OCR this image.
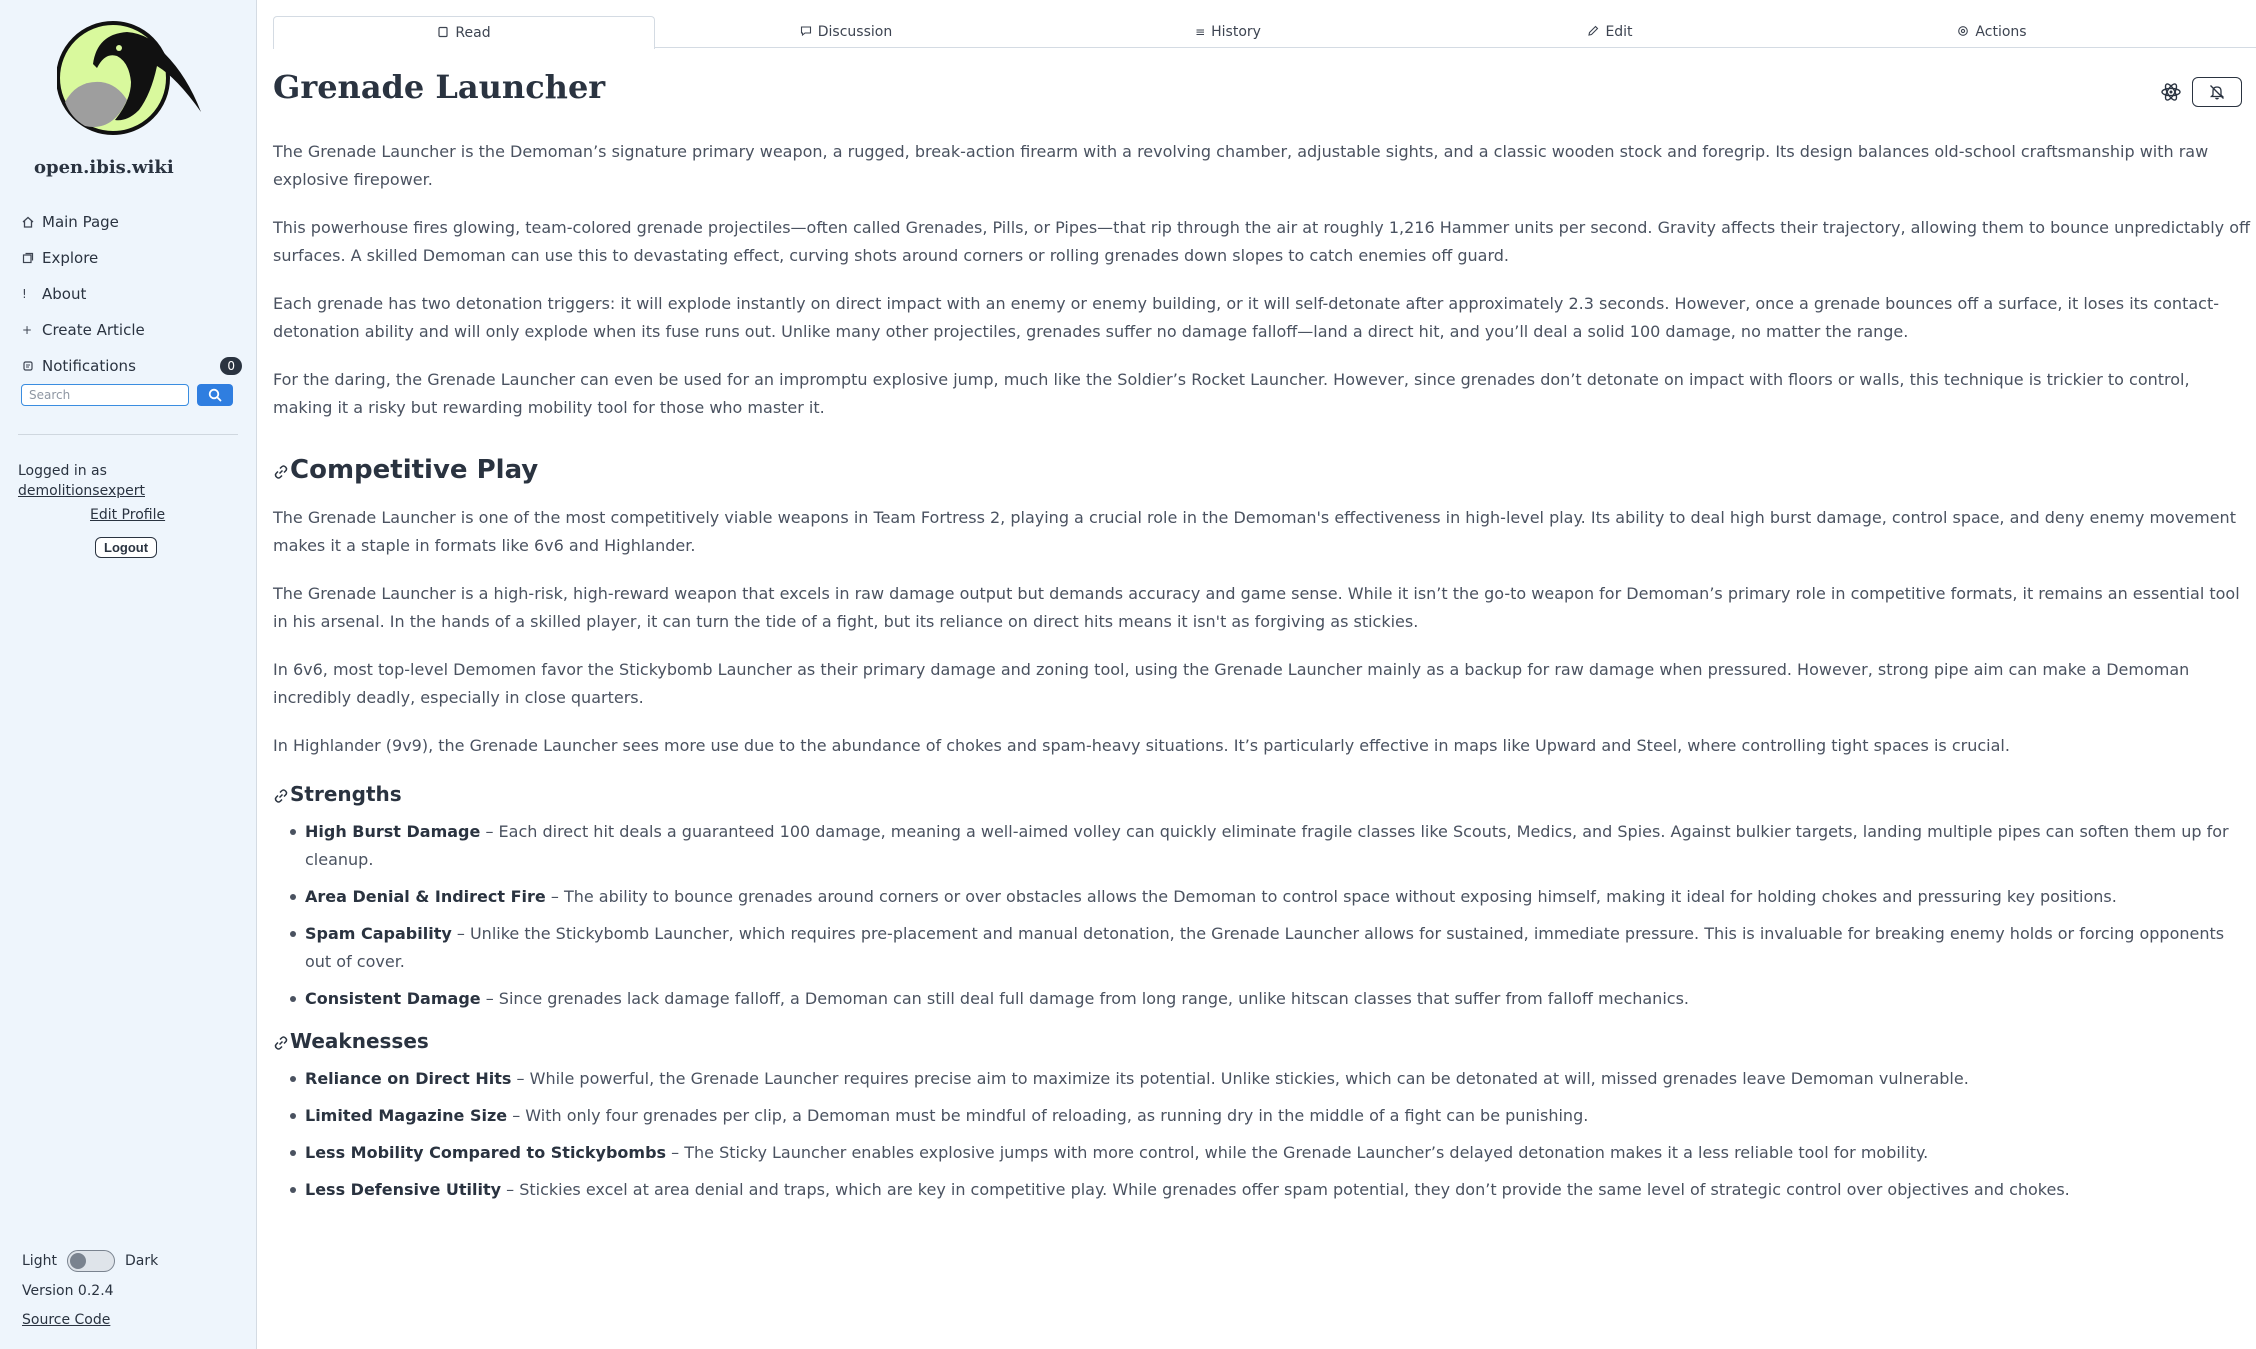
open.ibis.wiki
Main Page
Explore
!	About
+ Create Article
Notifications	0
Search
Logged in as
demolitionsexpert
Edit Profile
Logout
Light	Dark
Version 0.2.4
Source Code
Read	Discussion	≡ History	Edit	Actions
Grenade Launcher

The Grenade Launcher is the Demoman’s signature primary weapon, a rugged, break-action firearm with a revolving chamber, adjustable sights, and a classic wooden stock and foregrip. Its design balances old-school craftsmanship with raw explosive firepower.

This powerhouse fires glowing, team-colored grenade projectiles—often called Grenades, Pills, or Pipes—that rip through the air at roughly 1,216 Hammer units per second. Gravity affects their trajectory, allowing them to bounce unpredictably off surfaces. A skilled Demoman can use this to devastating effect, curving shots around corners or rolling grenades down slopes to catch enemies off guard.

Each grenade has two detonation triggers: it will explode instantly on direct impact with an enemy or enemy building, or it will self-detonate after approximately 2.3 seconds. However, once a grenade bounces off a surface, it loses its contact-detonation ability and will only explode when its fuse runs out. Unlike many other projectiles, grenades suffer no damage falloff—land a direct hit, and you’ll deal a solid 100 damage, no matter the range.

For the daring, the Grenade Launcher can even be used for an impromptu explosive jump, much like the Soldier’s Rocket Launcher. However, since grenades don’t detonate on impact with floors or walls, this technique is trickier to control, making it a risky but rewarding mobility tool for those who master it.

Competitive Play

The Grenade Launcher is one of the most competitively viable weapons in Team Fortress 2, playing a crucial role in the Demoman's effectiveness in high-level play. Its ability to deal high burst damage, control space, and deny enemy movement makes it a staple in formats like 6v6 and Highlander.

The Grenade Launcher is a high-risk, high-reward weapon that excels in raw damage output but demands accuracy and game sense. While it isn’t the go-to weapon for Demoman’s primary role in competitive formats, it remains an essential tool in his arsenal. In the hands of a skilled player, it can turn the tide of a fight, but its reliance on direct hits means it isn't as forgiving as stickies.

In 6v6, most top-level Demomen favor the Stickybomb Launcher as their primary damage and zoning tool, using the Grenade Launcher mainly as a backup for raw damage when pressured. However, strong pipe aim can make a Demoman incredibly deadly, especially in close quarters.

In Highlander (9v9), the Grenade Launcher sees more use due to the abundance of chokes and spam-heavy situations. It’s particularly effective in maps like Upward and Steel, where controlling tight spaces is crucial.

Strengths
High Burst Damage – Each direct hit deals a guaranteed 100 damage, meaning a well-aimed volley can quickly eliminate fragile classes like Scouts, Medics, and Spies. Against bulkier targets, landing multiple pipes can soften them up for cleanup.
Area Denial & Indirect Fire – The ability to bounce grenades around corners or over obstacles allows the Demoman to control space without exposing himself, making it ideal for holding chokes and pressuring key positions.
Spam Capability – Unlike the Stickybomb Launcher, which requires pre-placement and manual detonation, the Grenade Launcher allows for sustained, immediate pressure. This is invaluable for breaking enemy holds or forcing opponents out of cover.
Consistent Damage – Since grenades lack damage falloff, a Demoman can still deal full damage from long range, unlike hitscan classes that suffer from falloff mechanics.
Weaknesses
Reliance on Direct Hits – While powerful, the Grenade Launcher requires precise aim to maximize its potential. Unlike stickies, which can be detonated at will, missed grenades leave Demoman vulnerable.
Limited Magazine Size – With only four grenades per clip, a Demoman must be mindful of reloading, as running dry in the middle of a fight can be punishing.
Less Mobility Compared to Stickybombs – The Sticky Launcher enables explosive jumps with more control, while the Grenade Launcher’s delayed detonation makes it a less reliable tool for mobility.
Less Defensive Utility – Stickies excel at area denial and traps, which are key in competitive play. While grenades offer spam potential, they don’t provide the same level of strategic control over objectives and chokes.
